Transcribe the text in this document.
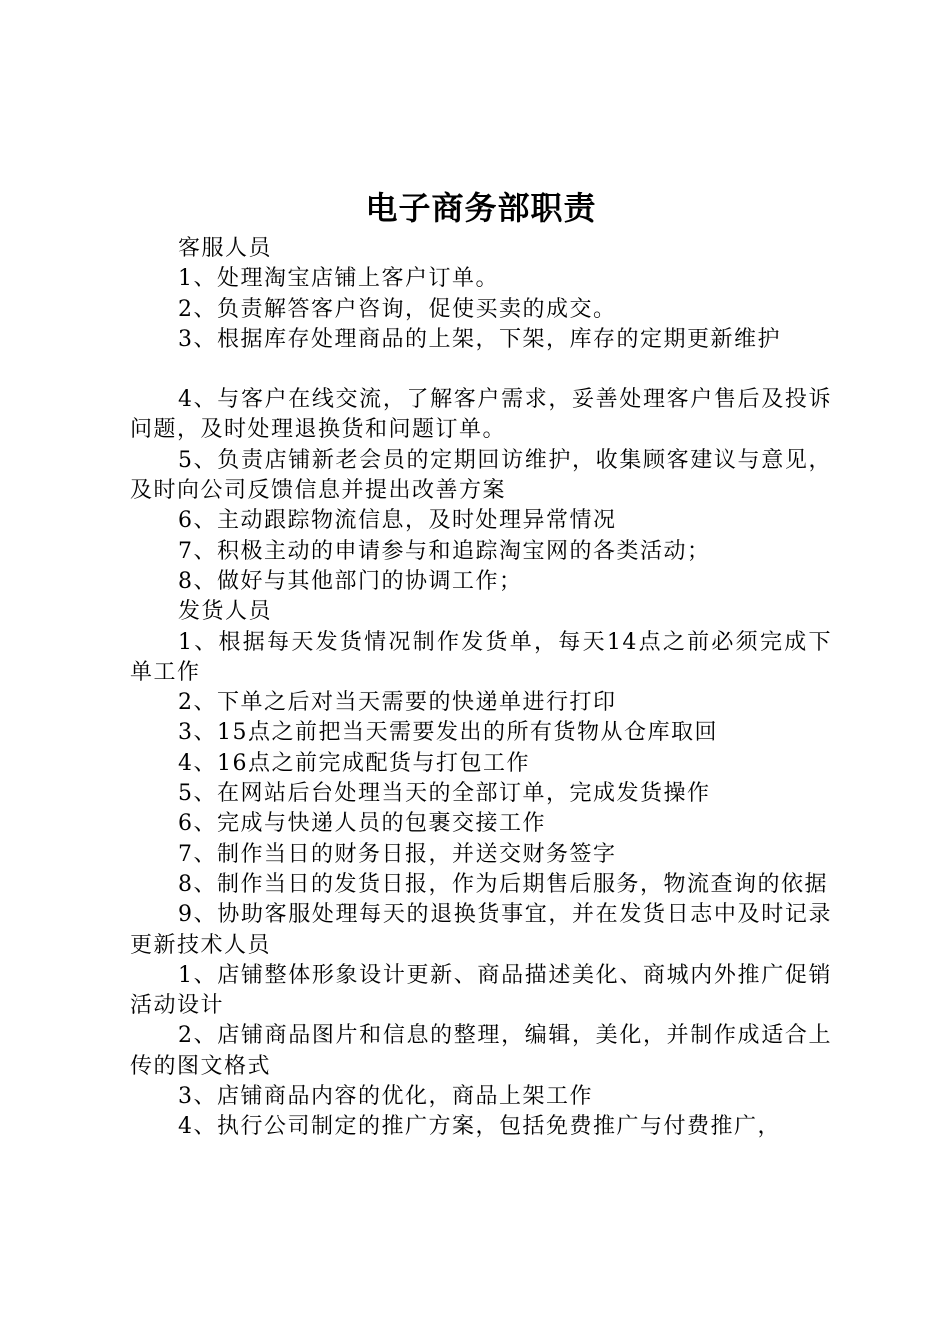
电子商务部职责

客服人员

1、处理淘宝店铺上客户订单。

2、负责解答客户咨询，促使买卖的成交。

3、根据库存处理商品的上架，下架，库存的定期更新维护

4、与客户在线交流，了解客户需求，妥善处理客户售后及投诉问题，及时处理退换货和问题订单。

5、负责店铺新老会员的定期回访维护，收集顾客建议与意见，及时向公司反馈信息并提出改善方案

6、主动跟踪物流信息，及时处理异常情况

7、积极主动的申请参与和追踪淘宝网的各类活动；

8、做好与其他部门的协调工作；

发货人员

1、根据每天发货情况制作发货单，每天14点之前必须完成下单工作

2、下单之后对当天需要的快递单进行打印

3、15点之前把当天需要发出的所有货物从仓库取回

4、16点之前完成配货与打包工作

5、在网站后台处理当天的全部订单，完成发货操作

6、完成与快递人员的包裹交接工作

7、制作当日的财务日报，并送交财务签字

8、制作当日的发货日报，作为后期售后服务，物流查询的依据

9、协助客服处理每天的退换货事宜，并在发货日志中及时记录更新技术人员

1、店铺整体形象设计更新、商品描述美化、商城内外推广促销活动设计

2、店铺商品图片和信息的整理，编辑，美化，并制作成适合上传的图文格式

3、店铺商品内容的优化，商品上架工作

4、执行公司制定的推广方案，包括免费推广与付费推广，
